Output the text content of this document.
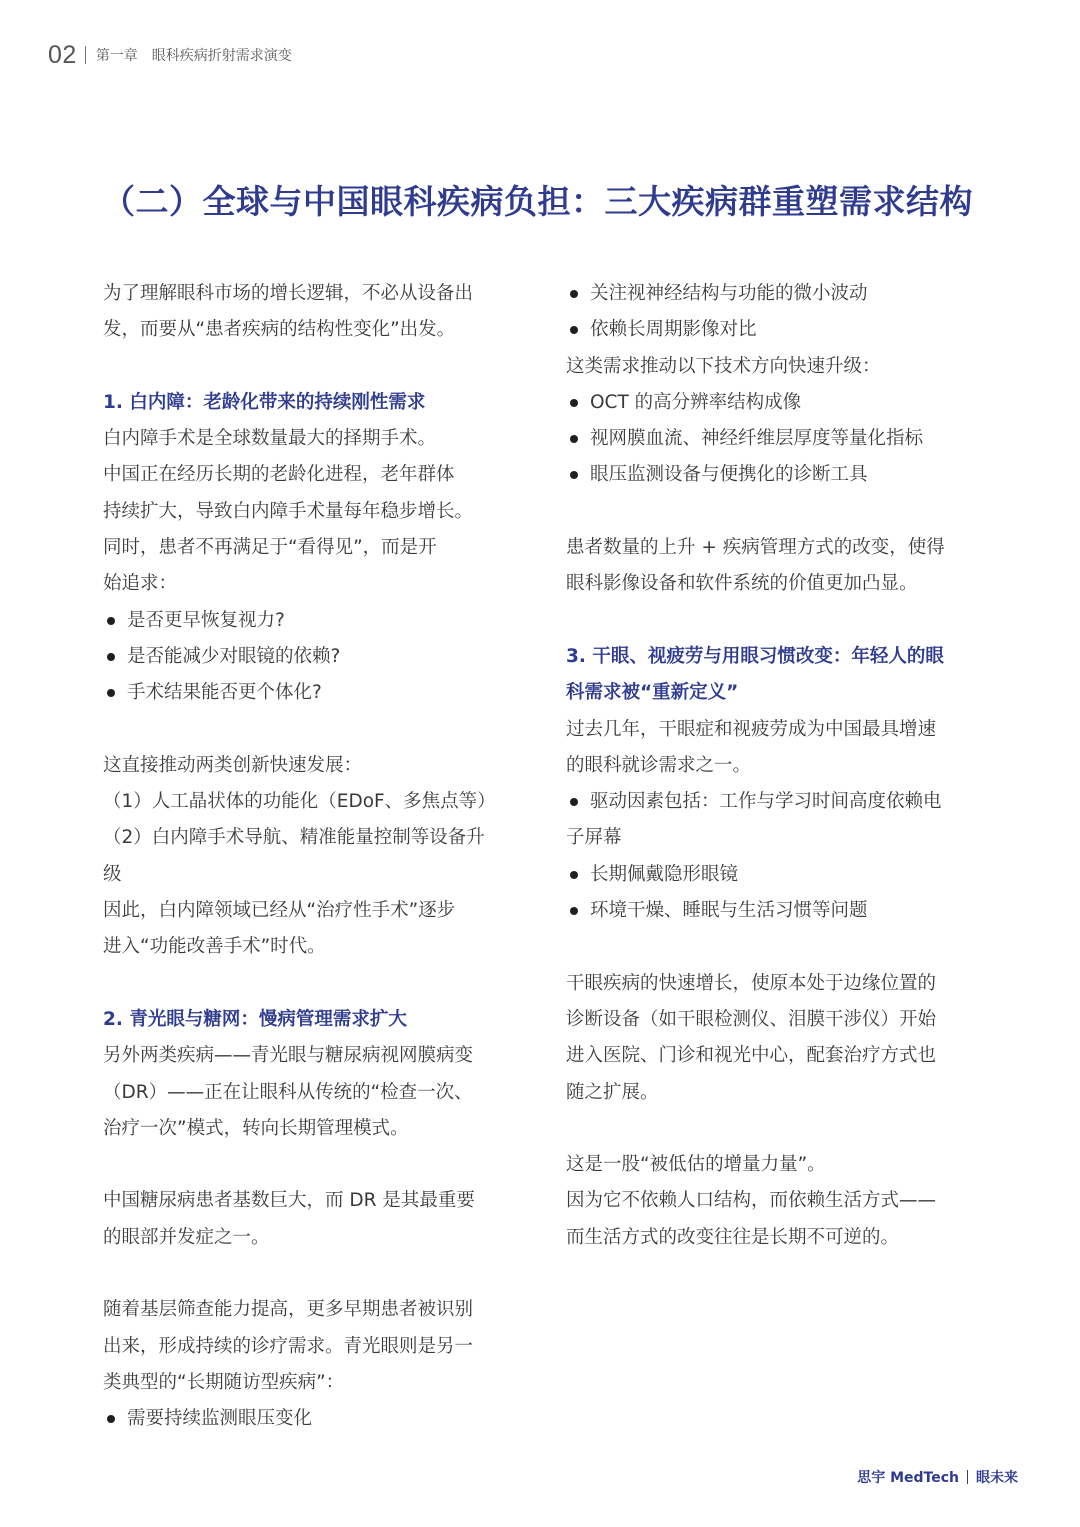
02 第一章　眼科疾病折射需求演变
（二）全球与中国眼科疾病负担：三大疾病群重塑需求结构

为了理解眼科市场的增长逻辑，不必从设备出

发，而要从“患者疾病的结构性变化”出发。

1. 白内障：老龄化带来的持续刚性需求

白内障手术是全球数量最大的择期手术。

中国正在经历长期的老龄化进程，老年群体

持续扩大，导致白内障手术量每年稳步增长。

同时，患者不再满足于“看得见”，而是开

始追求：

是否更早恢复视力?

是否能减少对眼镜的依赖?

手术结果能否更个体化?

这直接推动两类创新快速发展：

（1）人工晶状体的功能化（EDoF、多焦点等）

（2）白内障手术导航、精准能量控制等设备升

级

因此，白内障领域已经从“治疗性手术”逐步

进入“功能改善手术”时代。

2. 青光眼与糖网：慢病管理需求扩大

另外两类疾病——青光眼与糖尿病视网膜病变

（DR）——正在让眼科从传统的“检查一次、

治疗一次”模式，转向长期管理模式。

中国糖尿病患者基数巨大，而 DR 是其最重要

的眼部并发症之一。

随着基层筛查能力提高，更多早期患者被识别

出来，形成持续的诊疗需求。青光眼则是另一

类典型的“长期随访型疾病”：

需要持续监测眼压变化

关注视神经结构与功能的微小波动

依赖长周期影像对比

这类需求推动以下技术方向快速升级：

OCT 的高分辨率结构成像

视网膜血流、神经纤维层厚度等量化指标

眼压监测设备与便携化的诊断工具

患者数量的上升 + 疾病管理方式的改变，使得

眼科影像设备和软件系统的价值更加凸显。

3. 干眼、视疲劳与用眼习惯改变：年轻人的眼

科需求被“重新定义”

过去几年，干眼症和视疲劳成为中国最具增速

的眼科就诊需求之一。

驱动因素包括：工作与学习时间高度依赖电

子屏幕

长期佩戴隐形眼镜

环境干燥、睡眠与生活习惯等问题

干眼疾病的快速增长，使原本处于边缘位置的

诊断设备（如干眼检测仪、泪膜干涉仪）开始

进入医院、门诊和视光中心，配套治疗方式也

随之扩展。

这是一股“被低估的增量力量”。

因为它不依赖人口结构，而依赖生活方式——

而生活方式的改变往往是长期不可逆的。

思宇 MedTech 眼未来
